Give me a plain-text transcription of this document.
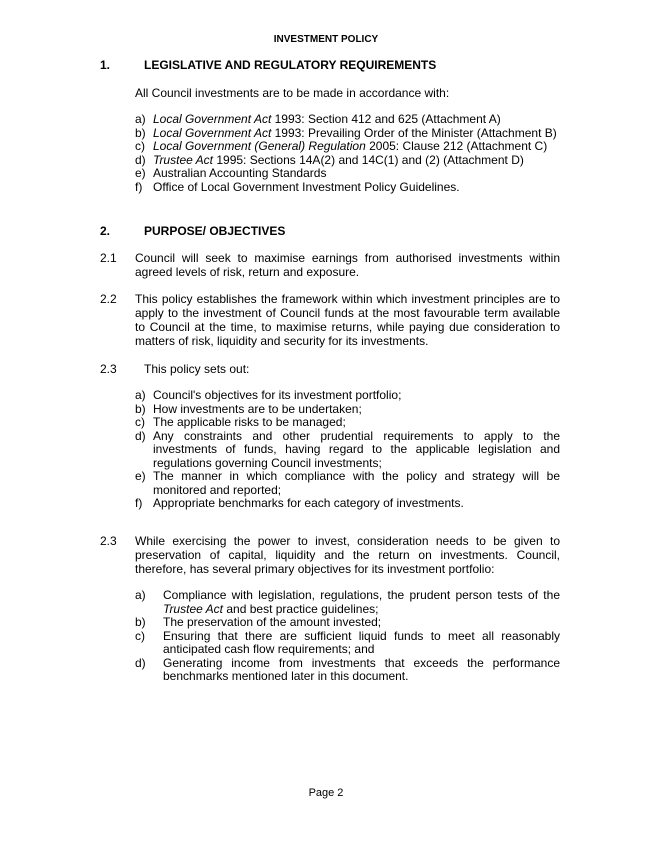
INVESTMENT POLICY
1.	LEGISLATIVE AND REGULATORY REQUIREMENTS
All Council investments are to be made in accordance with:
a) Local Government Act 1993: Section 412 and 625 (Attachment A)
b) Local Government Act 1993: Prevailing Order of the Minister (Attachment B)
c) Local Government (General) Regulation 2005: Clause 212 (Attachment C)
d) Trustee Act 1995: Sections 14A(2) and 14C(1) and (2) (Attachment D)
e) Australian Accounting Standards
f) Office of Local Government Investment Policy Guidelines.
2.	PURPOSE/ OBJECTIVES
2.1 Council will seek to maximise earnings from authorised investments within agreed levels of risk, return and exposure.
2.2 This policy establishes the framework within which investment principles are to apply to the investment of Council funds at the most favourable term available to Council at the time, to maximise returns, while paying due consideration to matters of risk, liquidity and security for its investments.
2.3 This policy sets out:
a) Council's objectives for its investment portfolio;
b) How investments are to be undertaken;
c) The applicable risks to be managed;
d) Any constraints and other prudential requirements to apply to the investments of funds, having regard to the applicable legislation and regulations governing Council investments;
e) The manner in which compliance with the policy and strategy will be monitored and reported;
f) Appropriate benchmarks for each category of investments.
2.3 While exercising the power to invest, consideration needs to be given to preservation of capital, liquidity and the return on investments. Council, therefore, has several primary objectives for its investment portfolio:
a)	Compliance with legislation, regulations, the prudent person tests of the Trustee Act and best practice guidelines;
b)	The preservation of the amount invested;
c)	Ensuring that there are sufficient liquid funds to meet all reasonably anticipated cash flow requirements; and
d)	Generating income from investments that exceeds the performance benchmarks mentioned later in this document.
Page 2
